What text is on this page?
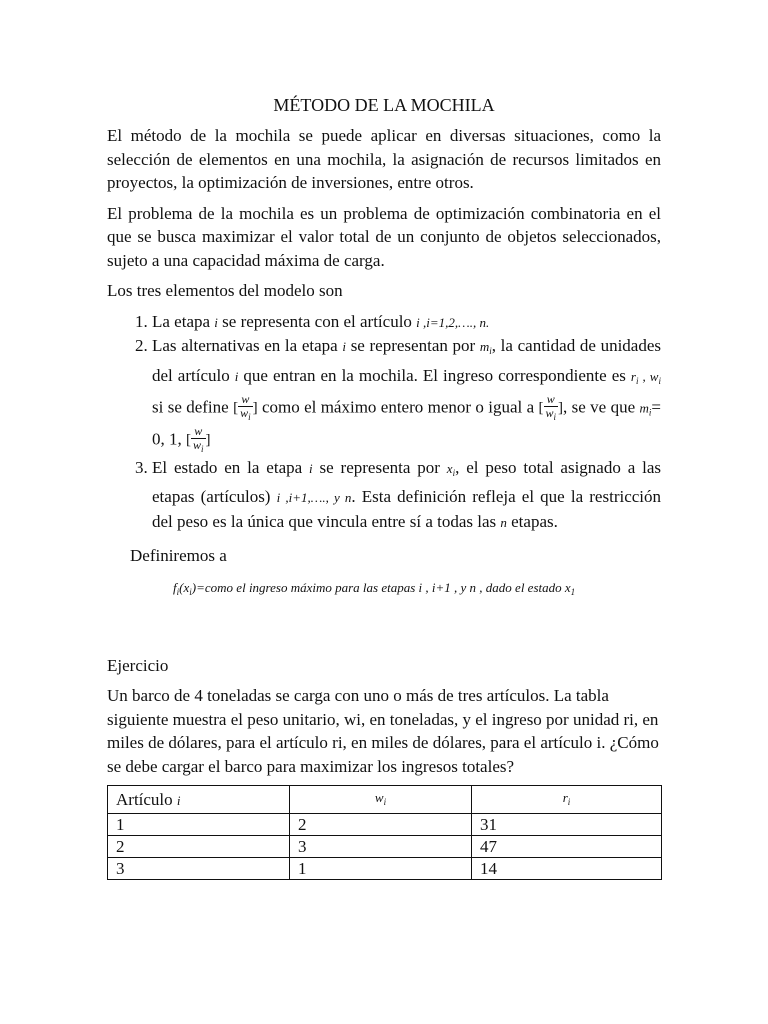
MÉTODO DE LA MOCHILA

El método de la mochila se puede aplicar en diversas situaciones, como la selección de elementos en una mochila, la asignación de recursos limitados en proyectos, la optimización de inversiones, entre otros.

El problema de la mochila es un problema de optimización combinatoria en el que se busca maximizar el valor total de un conjunto de objetos seleccionados, sujeto a una capacidad máxima de carga.

Los tres elementos del modelo son

1. La etapa i se representa con el artículo i ,i=1,2,…., n.
2. Las alternativas en la etapa i se representan por $m_i$, la cantidad de unidades del artículo i que entran en la mochila. El ingreso correspondiente es $r_i$ , $w_i$ si se define [ $\frac{w}{w_i}$ ] como el máximo entero menor o igual a [ $\frac{w}{w_i}$ ], se ve que $m_i= 0$, 1, [ $\frac{w}{w_i}$ ]
3. El estado en la etapa i se representa por $x_i$, el peso total asignado a las etapas (artículos) i ,i+1,…., y n. Esta definición refleja el que la restricción del peso es la única que vincula entre sí a todas las n etapas.

Definiremos a

$f_i(x_i)=como$ el ingreso máximo para las etapas i , i+1 , y n , dado el estado $x_1$

Ejercicio

Un barco de 4 toneladas se carga con uno o más de tres artículos. La tabla siguiente muestra el peso unitario, wi, en toneladas, y el ingreso por unidad ri, en miles de dólares, para el artículo ri, en miles de dólares, para el artículo i. ¿Cómo se debe cargar el barco para maximizar los ingresos totales?

Artículo i	$w_i$	$r_i$
1	2	31
2	3	47
3	1	14
